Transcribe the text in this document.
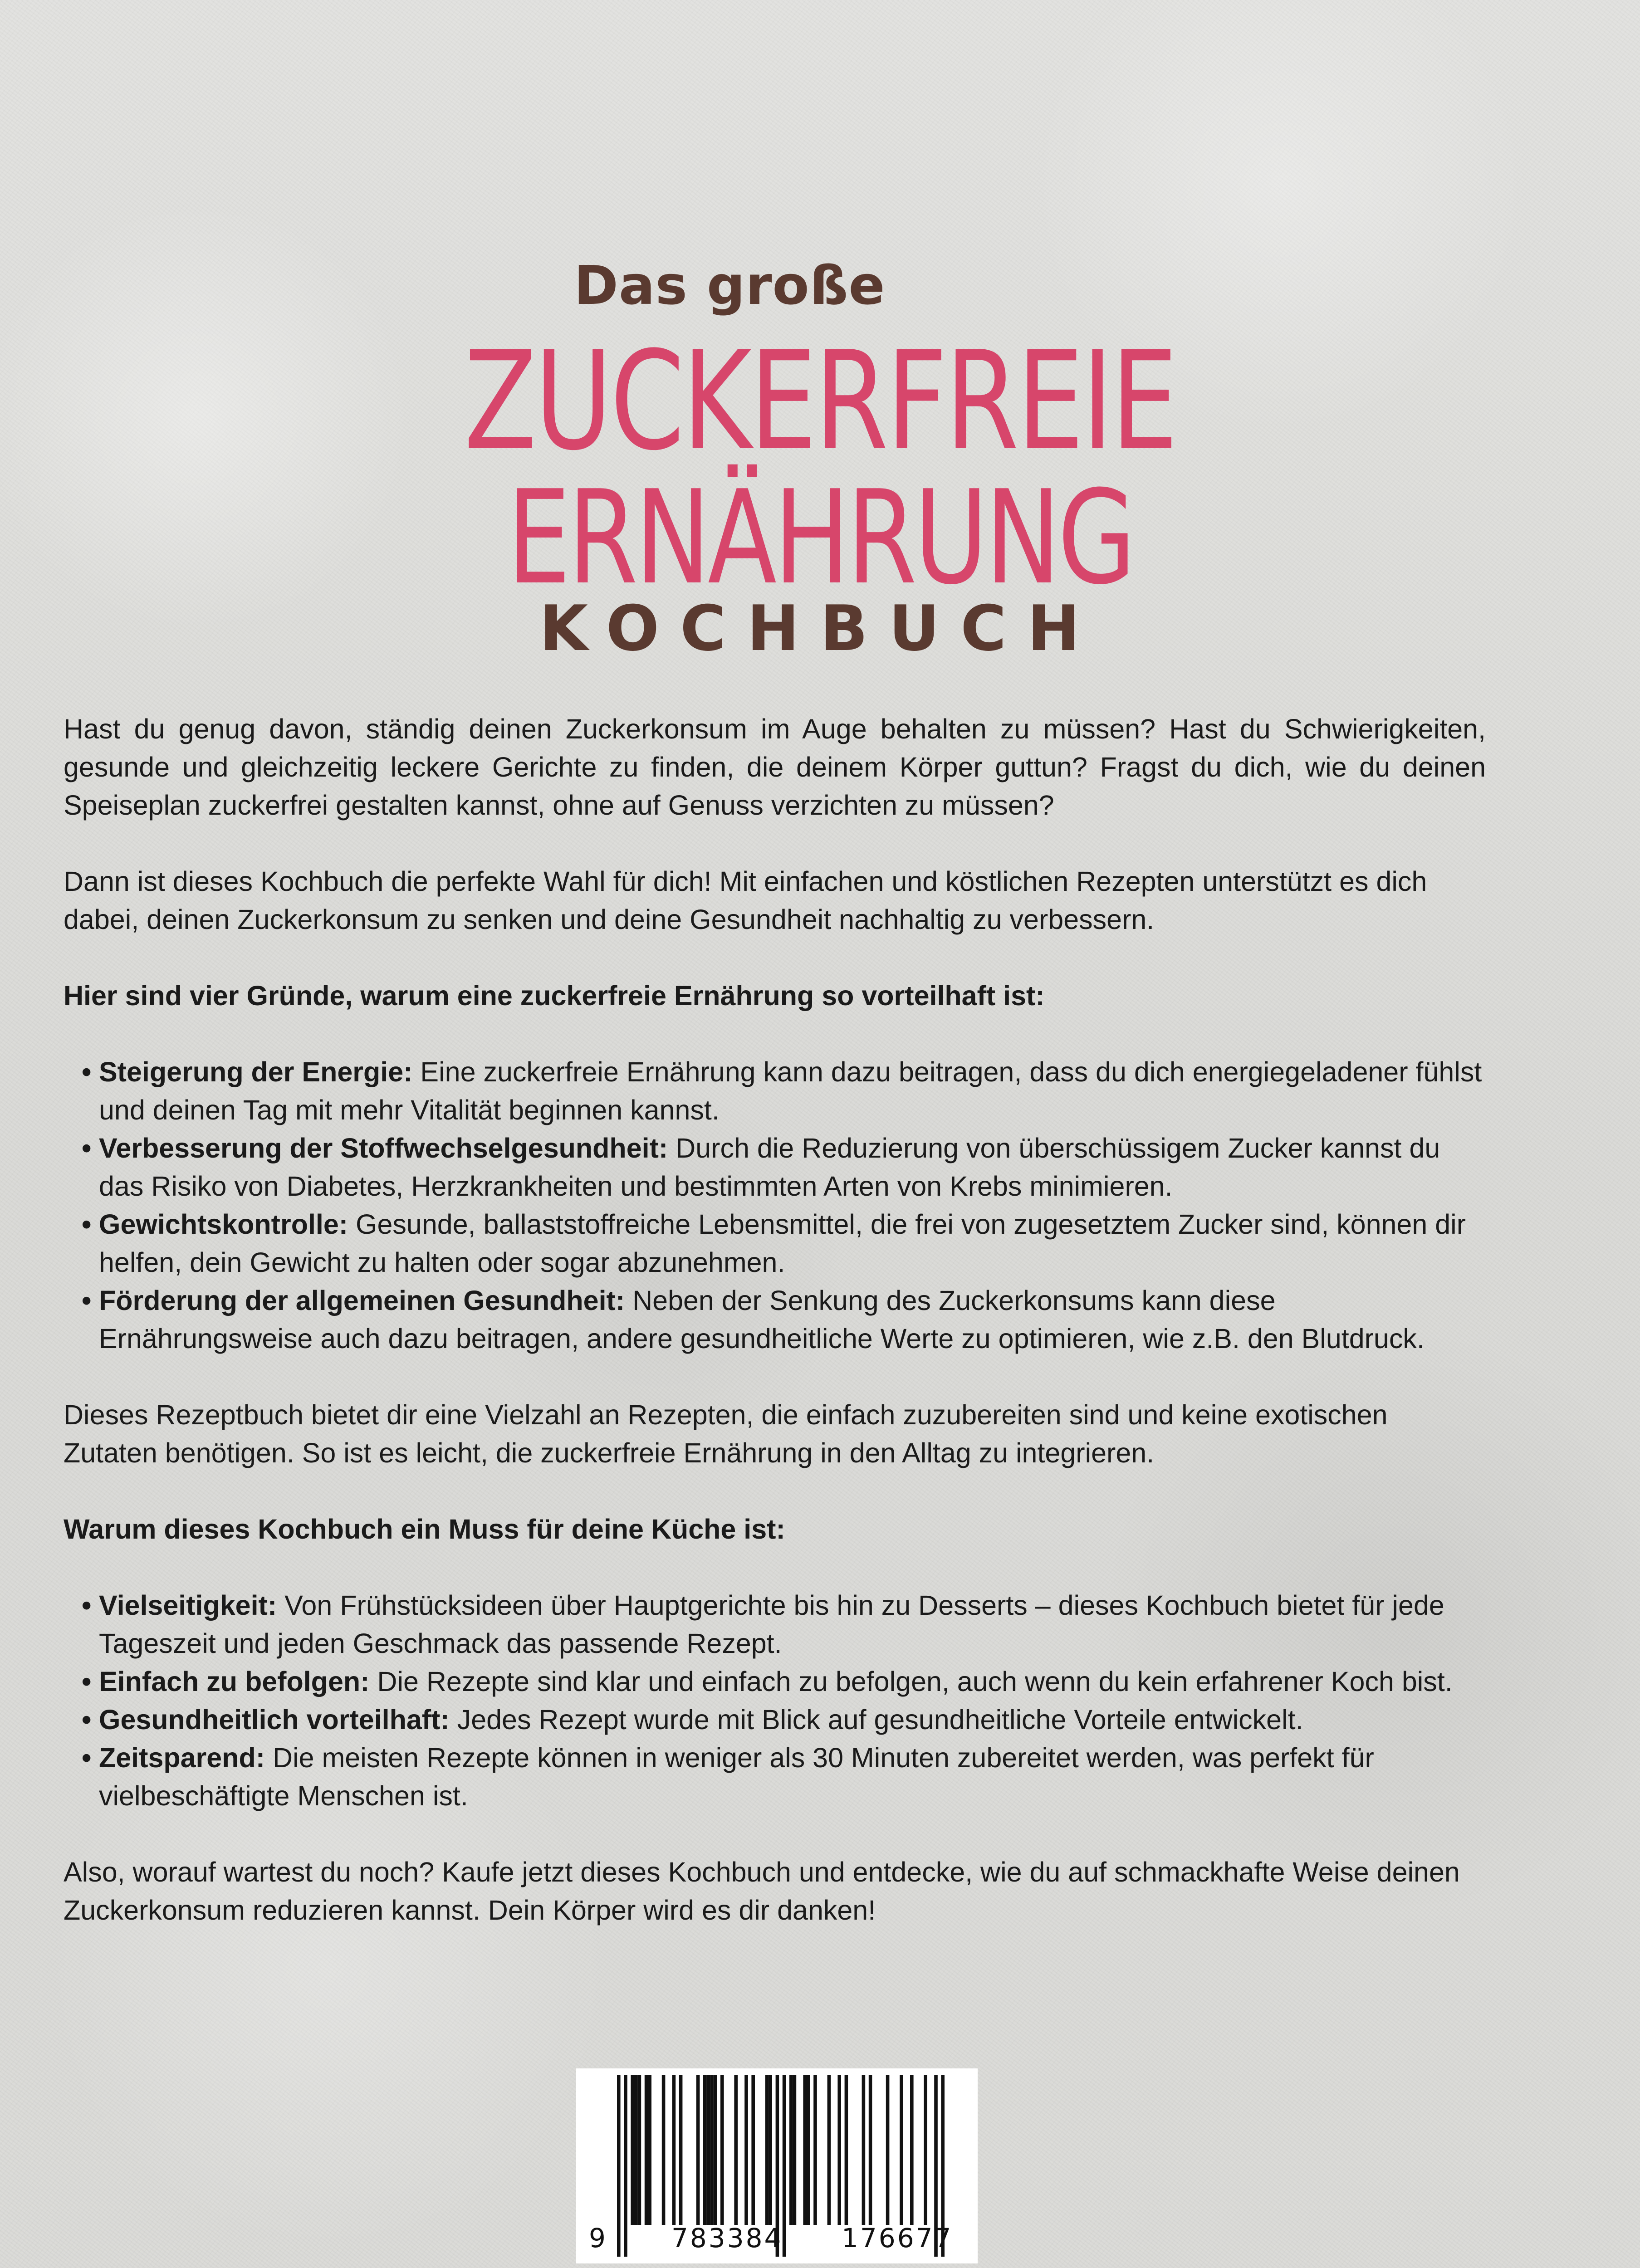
Das große
ZUCKERFREIE
ERNÄHRUNG
KOCHBUCH

Hast du genug davon, ständig deinen Zuckerkonsum im Auge behalten zu müssen? Hast du Schwierigkeiten, gesunde und gleichzeitig leckere Gerichte zu finden, die deinem Körper guttun? Fragst du dich, wie du deinen Speiseplan zuckerfrei gestalten kannst, ohne auf Genuss verzichten zu müssen?

Dann ist dieses Kochbuch die perfekte Wahl für dich! Mit einfachen und köstlichen Rezepten unterstützt es dich dabei, deinen Zuckerkonsum zu senken und deine Gesundheit nachhaltig zu verbessern.

Hier sind vier Gründe, warum eine zuckerfreie Ernährung so vorteilhaft ist:

• Steigerung der Energie: Eine zuckerfreie Ernährung kann dazu beitragen, dass du dich energiegeladener fühlst und deinen Tag mit mehr Vitalität beginnen kannst.
• Verbesserung der Stoffwechselgesundheit: Durch die Reduzierung von überschüssigem Zucker kannst du das Risiko von Diabetes, Herzkrankheiten und bestimmten Arten von Krebs minimieren.
• Gewichtskontrolle: Gesunde, ballaststoffreiche Lebensmittel, die frei von zugesetztem Zucker sind, können dir helfen, dein Gewicht zu halten oder sogar abzunehmen.
• Förderung der allgemeinen Gesundheit: Neben der Senkung des Zuckerkonsums kann diese Ernährungsweise auch dazu beitragen, andere gesundheitliche Werte zu optimieren, wie z.B. den Blutdruck.

Dieses Rezeptbuch bietet dir eine Vielzahl an Rezepten, die einfach zuzubereiten sind und keine exotischen Zutaten benötigen. So ist es leicht, die zuckerfreie Ernährung in den Alltag zu integrieren.

Warum dieses Kochbuch ein Muss für deine Küche ist:

• Vielseitigkeit: Von Frühstücksideen über Hauptgerichte bis hin zu Desserts – dieses Kochbuch bietet für jede Tageszeit und jeden Geschmack das passende Rezept.
• Einfach zu befolgen: Die Rezepte sind klar und einfach zu befolgen, auch wenn du kein erfahrener Koch bist.
• Gesundheitlich vorteilhaft: Jedes Rezept wurde mit Blick auf gesundheitliche Vorteile entwickelt.
• Zeitsparend: Die meisten Rezepte können in weniger als 30 Minuten zubereitet werden, was perfekt für vielbeschäftigte Menschen ist.

Also, worauf wartest du noch? Kaufe jetzt dieses Kochbuch und entdecke, wie du auf schmackhafte Weise deinen Zuckerkonsum reduzieren kannst. Dein Körper wird es dir danken!

9	783384 176677
